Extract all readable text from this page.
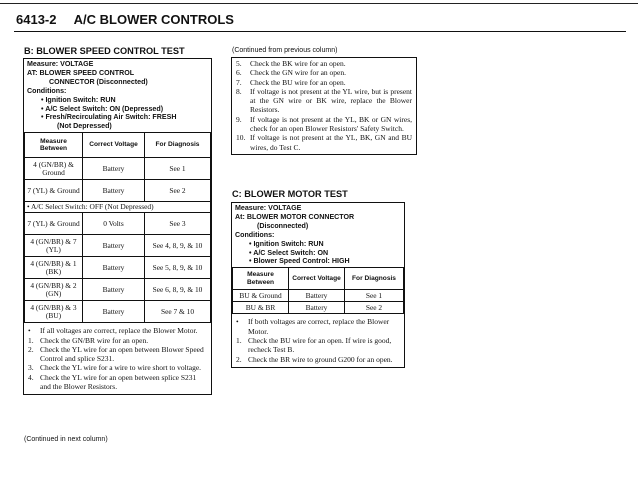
6413-2 A/C BLOWER CONTROLS
B: BLOWER SPEED CONTROL TEST
Measure: VOLTAGE
AT: BLOWER SPEED CONTROL
CONNECTOR (Disconnected)
Conditions:
• Ignition Switch: RUN
• A/C Select Switch: ON (Depressed)
• Fresh/Recirculating Air Switch: FRESH
(Not Depressed)
Measure Between	Correct Voltage	For Diagnosis
4 (GN/BR) & Ground	Battery	See 1
7 (YL) & Ground	Battery	See 2
• A/C Select Switch: OFF (Not Depressed)		
7 (YL) & Ground	0 Volts	See 3
4 (GN/BR) & 7 (YL)	Battery	See 4, 8, 9, & 10
4 (GN/BR) & 1 (BK)	Battery	See 5, 8, 9, & 10
4 (GN/BR) & 2 (GN)	Battery	See 6, 8, 9, & 10
4 (GN/BR) & 3 (BU)	Battery	See 7 & 10
•	If all voltages are correct, replace the Blower Motor.
1. Check the GN/BR wire for an open.
2. Check the YL wire for an open between Blower Speed Control and splice S231.
3. Check the YL wire for a wire to wire short to voltage.
4. Check the YL wire for an open between splice S231 and the Blower Resistors.
(Continued in next column)
(Continued from previous column)
5.	Check the BK wire for an open.
6.	Check the GN wire for an open.
7.	Check the BU wire for an open.
8.	If voltage is not present at the YL wire, but is present at the GN wire or BK wire, replace the Blower Resistors.
9.	If voltage is not present at the YL, BK or GN wires, check for an open Blower Resistors' Safety Switch.
10. If voltage is not present at the YL, BK, GN and BU wires, do Test C.
C: BLOWER MOTOR TEST
Measure: VOLTAGE
At: BLOWER MOTOR CONNECTOR
(Disconnected)
Conditions:
• Ignition Switch: RUN
• A/C Select Switch: ON
• Blower Speed Control: HIGH
Measure Between	Correct Voltage	For Diagnosis
BU & Ground	Battery	See 1
BU & BR	Battery	See 2
•	If both voltages are correct, replace the Blower Motor.
1. Check the BU wire for an open. If wire is good, recheck Test B.
2. Check the BR wire to ground G200 for an open.
